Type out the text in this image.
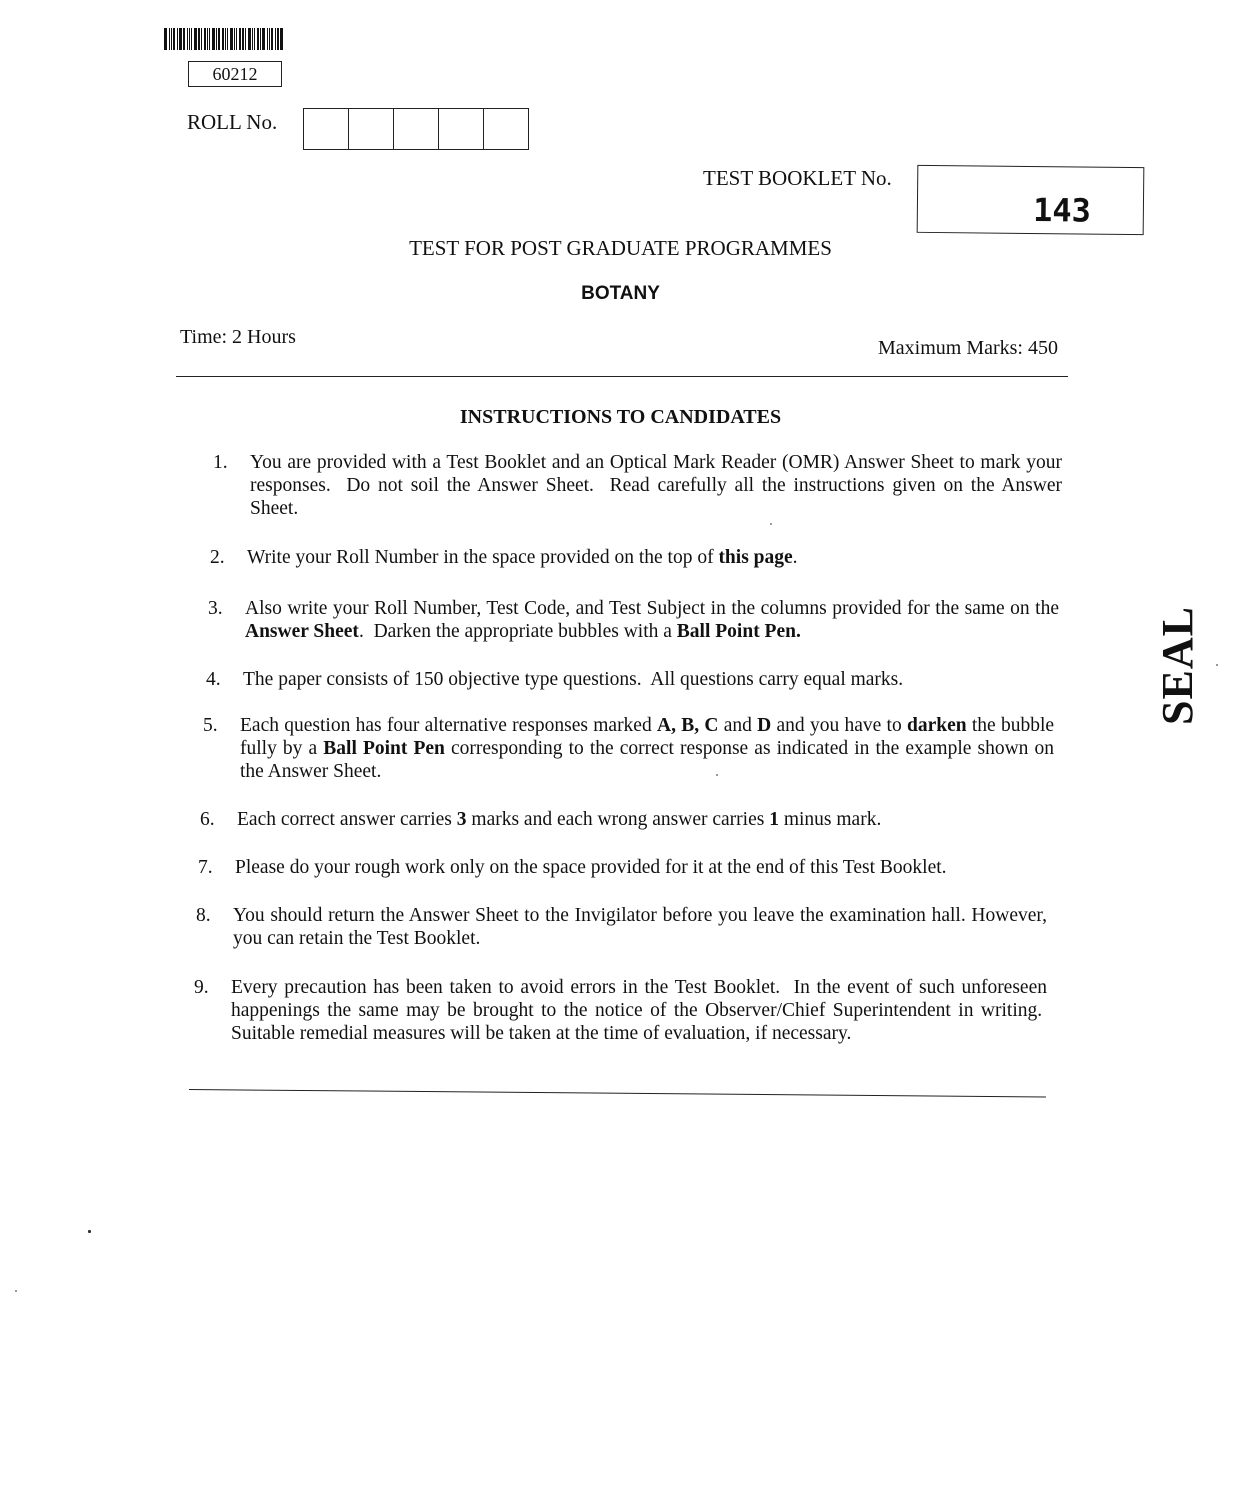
60212
ROLL No.
TEST BOOKLET No.
143
TEST FOR POST GRADUATE PROGRAMMES
BOTANY
Time: 2 Hours	Maximum Marks: 450
INSTRUCTIONS TO CANDIDATES
1. You are provided with a Test Booklet and an Optical Mark Reader (OMR) Answer Sheet to mark your responses.  Do not soil the Answer Sheet.  Read carefully all the instructions given on the Answer Sheet.
2. Write your Roll Number in the space provided on the top of this page.
3. Also write your Roll Number, Test Code, and Test Subject in the columns provided for the same on the Answer Sheet.  Darken the appropriate bubbles with a Ball Point Pen.
4. The paper consists of 150 objective type questions.  All questions carry equal marks.
5. Each question has four alternative responses marked A, B, C and D and you have to darken the bubble fully by a Ball Point Pen corresponding to the correct response as indicated in the example shown on the Answer Sheet.
6. Each correct answer carries 3 marks and each wrong answer carries 1 minus mark.
7. Please do your rough work only on the space provided for it at the end of this Test Booklet.
8. You should return the Answer Sheet to the Invigilator before you leave the examination hall. However, you can retain the Test Booklet.
9. Every precaution has been taken to avoid errors in the Test Booklet.  In the event of such unforeseen happenings the same may be brought to the notice of the Observer/Chief Superintendent in writing.  Suitable remedial measures will be taken at the time of evaluation, if necessary.
SEAL
